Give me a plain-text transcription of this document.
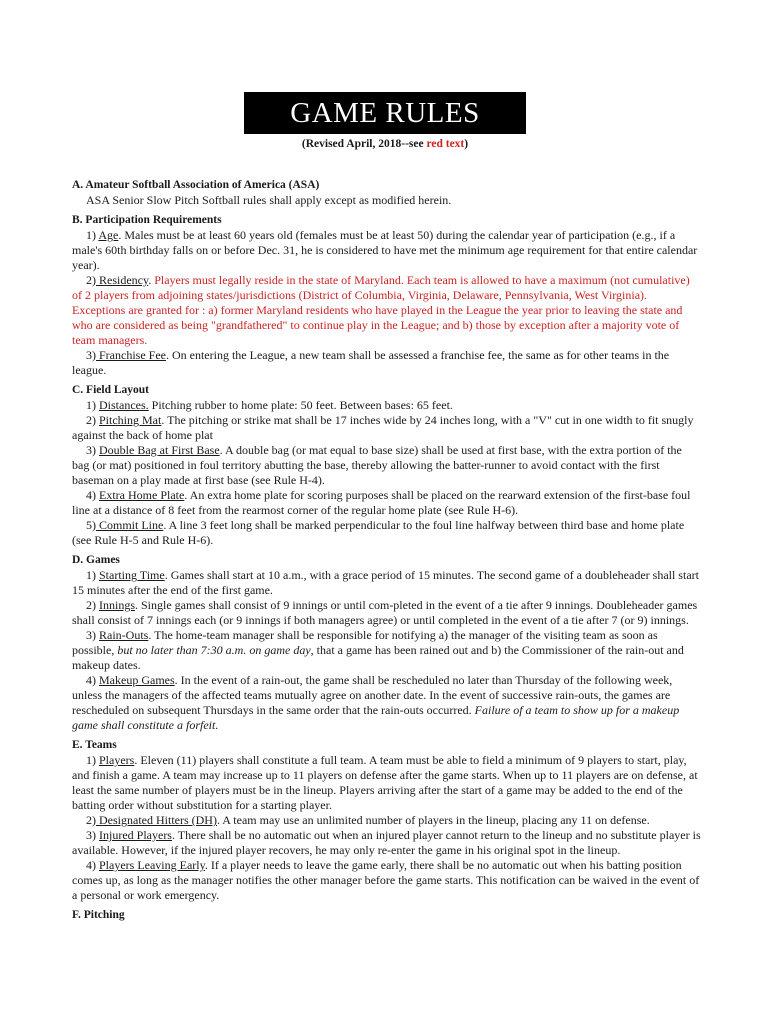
GAME RULES
(Revised April, 2018--see red text)
A. Amateur Softball Association of America (ASA)
ASA Senior Slow Pitch Softball rules shall apply except as modified herein.
B. Participation Requirements
1) Age. Males must be at least 60 years old (females must be at least 50) during the calendar year of participation (e.g., if a male's 60th birthday falls on or before Dec. 31, he is considered to have met the minimum age requirement for that entire calendar year).
2) Residency. Players must legally reside in the state of Maryland. Each team is allowed to have a maximum (not cumulative) of 2 players from adjoining states/jurisdictions (District of Columbia, Virginia, Delaware, Pennsylvania, West Virginia). Exceptions are granted for : a) former Maryland residents who have played in the League the year prior to leaving the state and who are considered as being "grandfathered" to continue play in the League; and b) those by exception after a majority vote of team managers.
3) Franchise Fee. On entering the League, a new team shall be assessed a franchise fee, the same as for other teams in the league.
C. Field Layout
1) Distances. Pitching rubber to home plate: 50 feet. Between bases: 65 feet.
2) Pitching Mat. The pitching or strike mat shall be 17 inches wide by 24 inches long, with a "V" cut in one width to fit snugly against the back of home plat
3) Double Bag at First Base. A double bag (or mat equal to base size) shall be used at first base, with the extra portion of the bag (or mat) positioned in foul territory abutting the base, thereby allowing the batter-runner to avoid contact with the first baseman on a play made at first base (see Rule H-4).
4) Extra Home Plate. An extra home plate for scoring purposes shall be placed on the rearward extension of the first-base foul line at a distance of 8 feet from the rearmost corner of the regular home plate (see Rule H-6).
5) Commit Line. A line 3 feet long shall be marked perpendicular to the foul line halfway between third base and home plate (see Rule H-5 and Rule H-6).
D. Games
1) Starting Time. Games shall start at 10 a.m., with a grace period of 15 minutes. The second game of a doubleheader shall start 15 minutes after the end of the first game.
2) Innings. Single games shall consist of 9 innings or until com-pleted in the event of a tie after 9 innings. Doubleheader games shall consist of 7 innings each (or 9 innings if both managers agree) or until completed in the event of a tie after 7 (or 9) innings.
3) Rain-Outs. The home-team manager shall be responsible for notifying a) the manager of the visiting team as soon as possible, but no later than 7:30 a.m. on game day, that a game has been rained out and b) the Commissioner of the rain-out and makeup dates.
4) Makeup Games. In the event of a rain-out, the game shall be rescheduled no later than Thursday of the following week, unless the managers of the affected teams mutually agree on another date. In the event of successive rain-outs, the games are rescheduled on subsequent Thursdays in the same order that the rain-outs occurred. Failure of a team to show up for a makeup game shall constitute a forfeit.
E. Teams
1) Players. Eleven (11) players shall constitute a full team. A team must be able to field a minimum of 9 players to start, play, and finish a game. A team may increase up to 11 players on defense after the game starts. When up to 11 players are on defense, at least the same number of players must be in the lineup. Players arriving after the start of a game may be added to the end of the batting order without substitution for a starting player.
2) Designated Hitters (DH). A team may use an unlimited number of players in the lineup, placing any 11 on defense.
3) Injured Players. There shall be no automatic out when an injured player cannot return to the lineup and no substitute player is available. However, if the injured player recovers, he may only re-enter the game in his original spot in the lineup.
4) Players Leaving Early. If a player needs to leave the game early, there shall be no automatic out when his batting position comes up, as long as the manager notifies the other manager before the game starts. This notification can be waived in the event of a personal or work emergency.
F. Pitching
